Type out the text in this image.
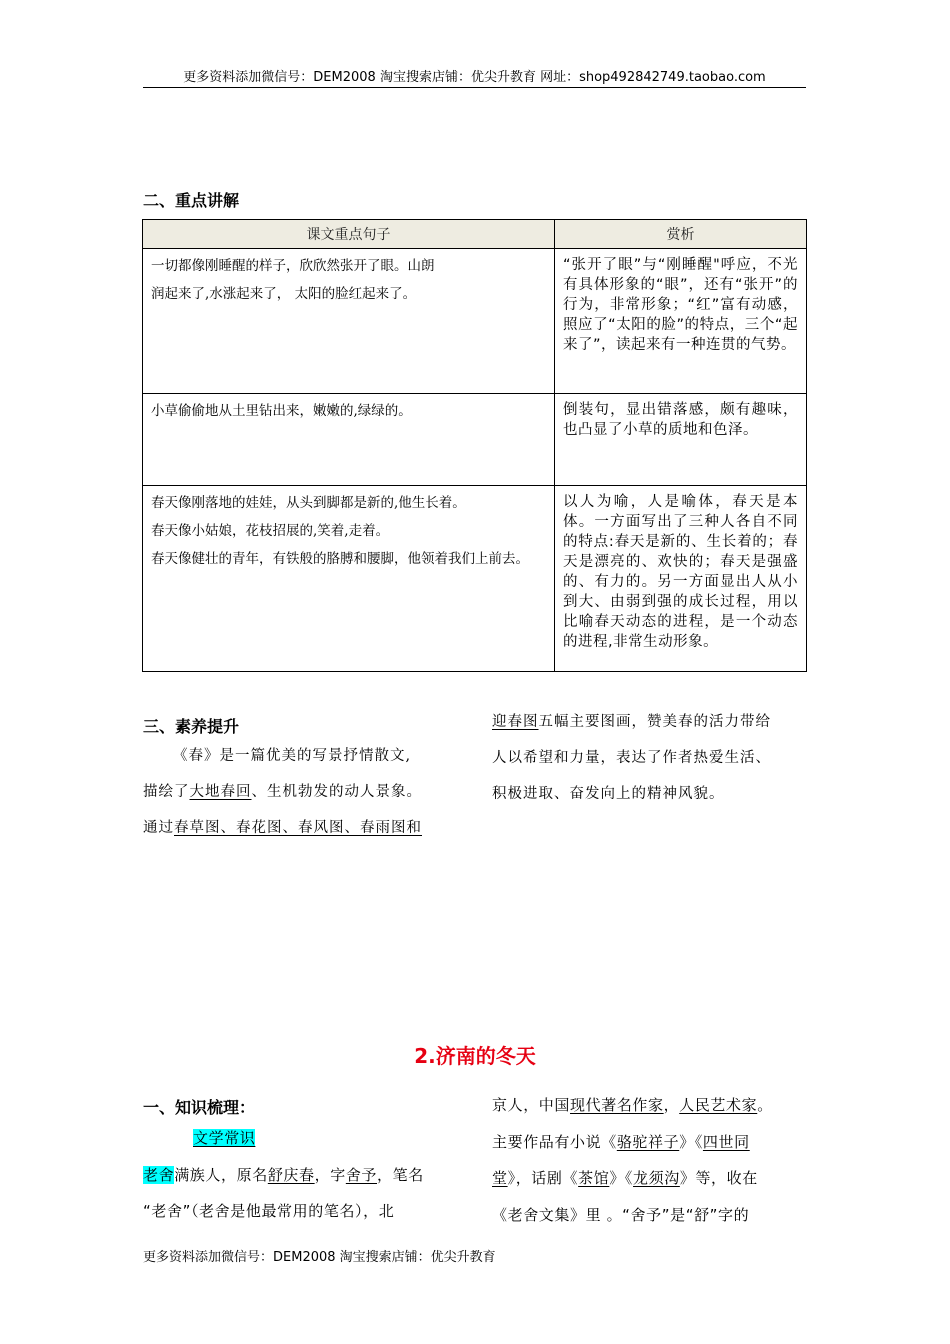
更多资料添加微信号：DEM2008 淘宝搜索店铺：优尖升教育 网址：shop492842749.taobao.com
二、重点讲解
课文重点句子	赏析

一切都像刚睡醒的样子，欣欣然张开了眼。山朗

润起来了,水涨起来了， 太阳的脸红起来了。	“张开了眼”与“刚睡醒"呼应，不光有具体形象的“眼”，还有“张开”的行为，非常形象；“红”富有动感，照应了“太阳的脸”的特点，三个“起来了”，读起来有一种连贯的气势。

小草偷偷地从土里钻出来，嫩嫩的,绿绿的。	倒装句，显出错落感，颇有趣味，也凸显了小草的质地和色泽。

春天像刚落地的娃娃，从头到脚都是新的,他生长着。

春天像小姑娘，花枝招展的,笑着,走着。

春天像健壮的青年，有铁般的胳膊和腰脚，他领着我们上前去。	以人为喻，人是喻体，春天是本体。一方面写出了三种人各自不同的特点:春天是新的、生长着的；春天是漂亮的、欢快的；春天是强盛的、有力的。另一方面显出人从小到大、由弱到强的成长过程，用以比喻春天动态的进程，是一个动态的进程,非常生动形象。
三、素养提升
《春》是一篇优美的写景抒情散文,
描绘了大地春回、生机勃发的动人景象。
通过春草图、春花图、春风图、春雨图和
迎春图五幅主要图画，赞美春的活力带给
人以希望和力量，表达了作者热爱生活、
积极进取、奋发向上的精神风貌。
2.济南的冬天
一、知识梳理：
文学常识
老舍满族人，原名舒庆春，字舍予，笔名
“老舍”（老舍是他最常用的笔名），北
京人，中国现代著名作家，人民艺术家。
主要作品有小说《骆驼祥子》《四世同
堂》，话剧《茶馆》《龙须沟》等，收在
《老舍文集》里 。“舍予”是“舒”字的
更多资料添加微信号：DEM2008 淘宝搜索店铺：优尖升教育
